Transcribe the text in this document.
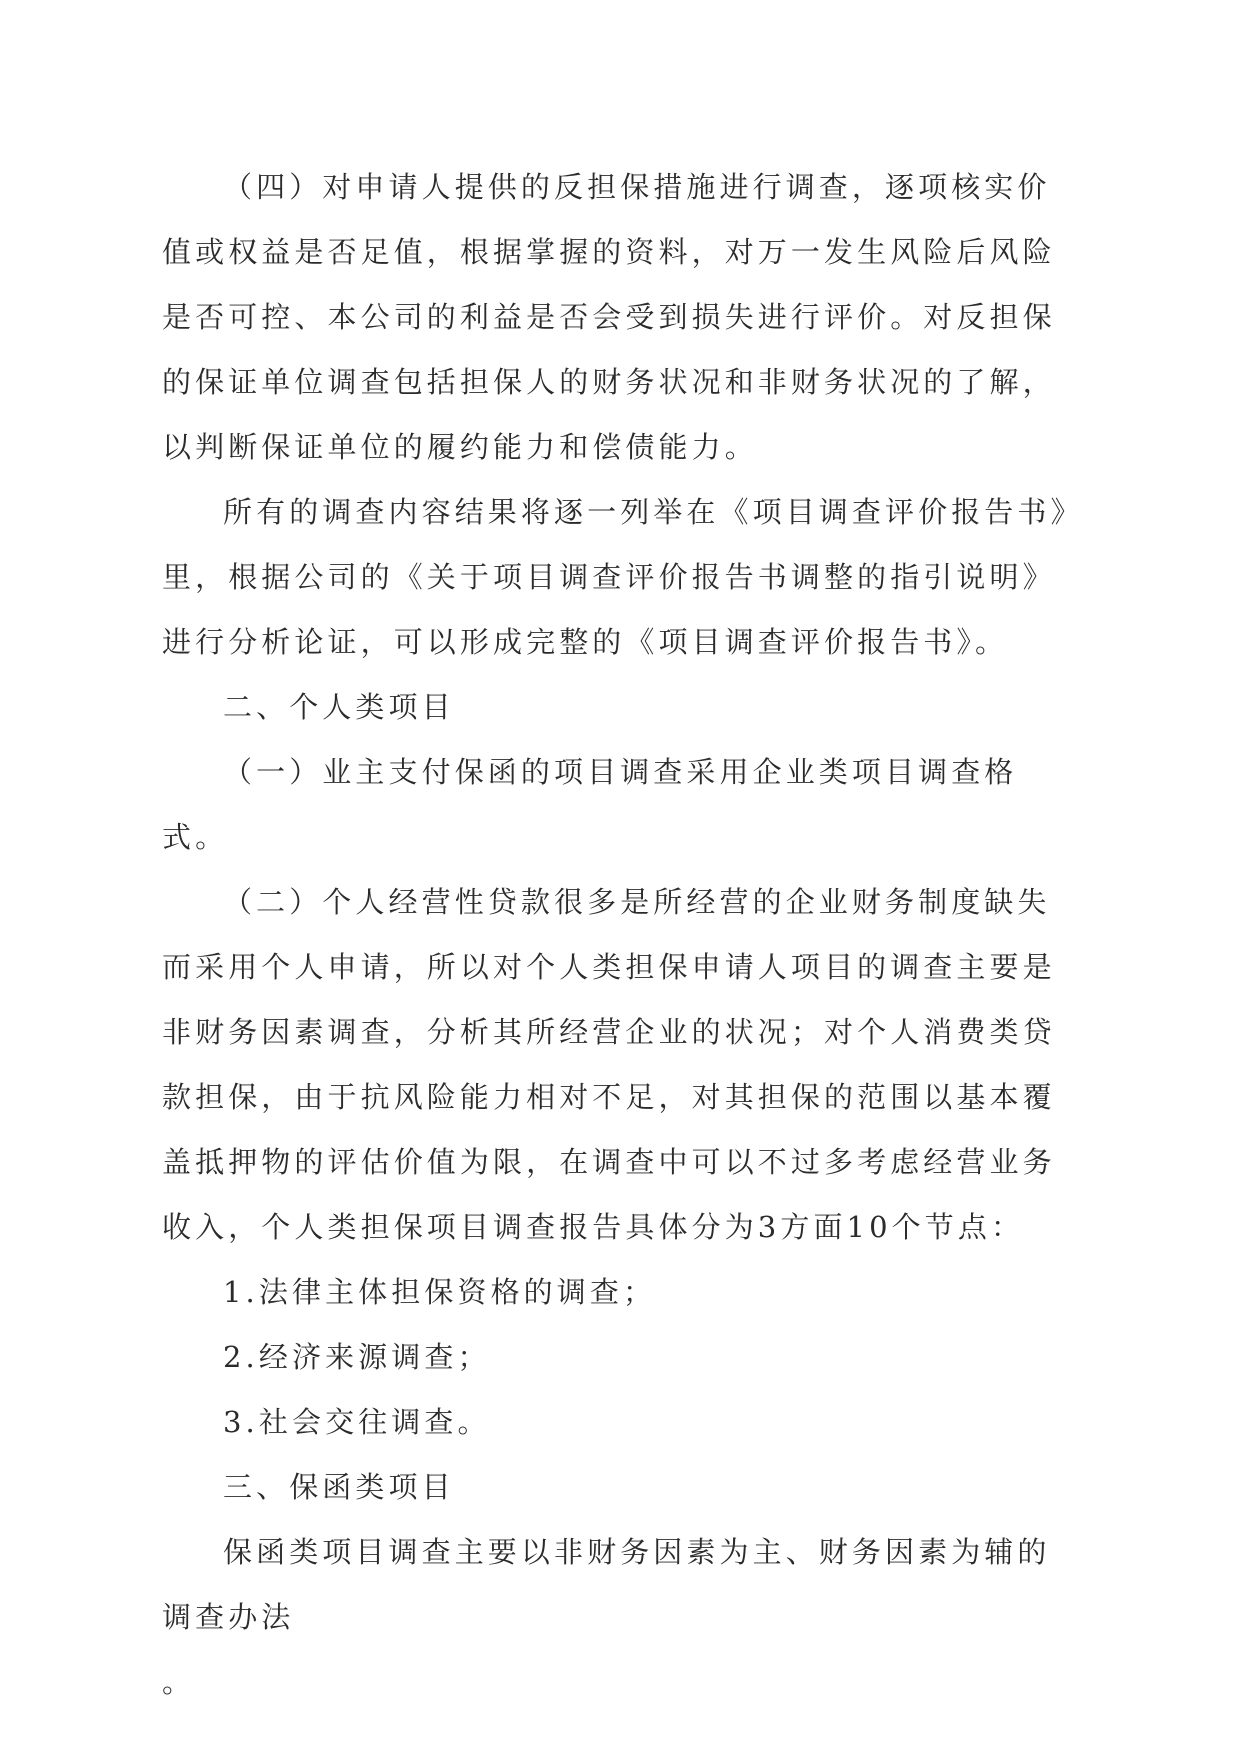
（四）对申请人提供的反担保措施进行调查，逐项核实价值或权益是否足值，根据掌握的资料，对万一发生风险后风险是否可控、本公司的利益是否会受到损失进行评价。对反担保的保证单位调查包括担保人的财务状况和非财务状况的了解，以判断保证单位的履约能力和偿债能力。

所有的调查内容结果将逐一列举在《项目调查评价报告书》里，根据公司的《关于项目调查评价报告书调整的指引说明》进行分析论证，可以形成完整的《项目调查评价报告书》。

二、个人类项目

（一）业主支付保函的项目调查采用企业类项目调查格式。

（二）个人经营性贷款很多是所经营的企业财务制度缺失而采用个人申请，所以对个人类担保申请人项目的调查主要是非财务因素调查，分析其所经营企业的状况；对个人消费类贷款担保，由于抗风险能力相对不足，对其担保的范围以基本覆盖抵押物的评估价值为限，在调查中可以不过多考虑经营业务收入，个人类担保项目调查报告具体分为3方面10个节点：

1.法律主体担保资格的调查；

2.经济来源调查；

3.社会交往调查。

三、保函类项目

保函类项目调查主要以非财务因素为主、财务因素为辅的调查办法

。
